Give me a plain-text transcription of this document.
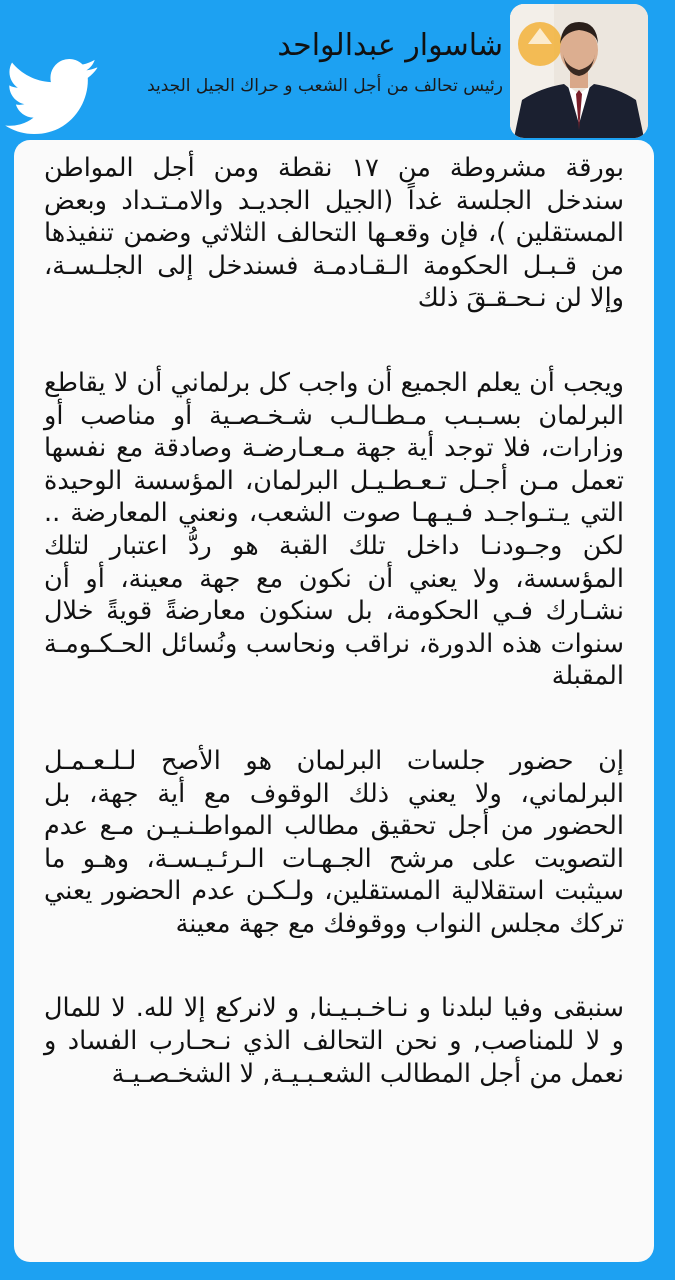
شاسوار عبدالواحد
رئيس تحالف من أجل الشعب و حراك الجيل الجديد

بورقة مشروطة من ١٧ نقطة ومن أجل المواطن سندخل الجلسة غداً (الجيل الجديـد والامـتـداد وبعض المستقلين )، فإن وقعـها التحالف الثلاثي وضمن تنفيذها من قـبـل الحكومة الـقـادمـة فسندخل إلى الجلـسـة، وإلا لن نـحـقـقَ ذلك

ويجب أن يعلم الجميع أن واجب كل برلماني أن لا يقاطع البرلمان بسـبـب مـطـالـب شـخـصـية أو مناصب أو وزارات، فلا توجد أية جهة مـعـارضـة وصادقة مع نفسها تعمل مـن أجـل تـعـطـيـل البرلمان، المؤسسة الوحيدة التي يـتـواجـد فـيـهـا صوت الشعب، ونعني المعارضة .. لكن وجـودنـا داخل تلك القبة هو ردُّ اعتبار لتلك المؤسسة، ولا يعني أن نكون مع جهة معينة، أو أن نشـارك فـي الحكومة، بل سنكون معارضةً قويةً خلال سنوات هذه الدورة، نراقب ونحاسب ونُسائل الحـكـومـة المقبلة

إن حضور جلسات البرلمان هو الأصح لـلـعـمـل البرلماني، ولا يعني ذلك الوقوف مع أية جهة، بل الحضور من أجل تحقيق مطالب المواطـنـيـن مـع عدم التصويت على مرشح الجـهـات الـرئـيـسـة، وهـو ما سيثبت استقلالية المستقلين، ولـكـن عدم الحضور يعني تركك مجلس النواب ووقوفك مع جهة معينة

سنبقى وفيا لبلدنا و نـاخـبـيـنا, و لانركع إلا لله. لا للمال و لا للمناصب, و نحن التحالف الذي نـحـارب الفساد و نعمل من أجل المطالب الشعـبـيـة, لا الشخـصـيـة
